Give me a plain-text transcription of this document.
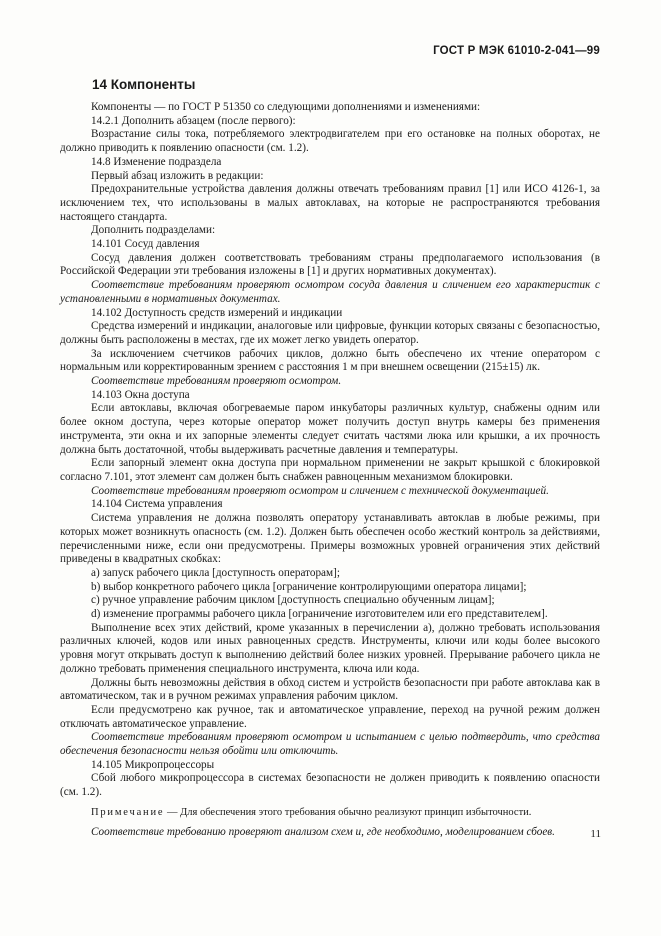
ГОСТ Р МЭК 61010-2-041—99
14 Компоненты

Компоненты — по ГОСТ Р 51350 со следующими дополнениями и изменениями:

14.2.1 Дополнить абзацем (после первого):

Возрастание силы тока, потребляемого электродвигателем при его остановке на полных оборотах, не должно приводить к появлению опасности (см. 1.2).

14.8 Изменение подраздела

Первый абзац изложить в редакции:

Предохранительные устройства давления должны отвечать требованиям правил [1] или ИСО 4126-1, за исключением тех, что использованы в малых автоклавах, на которые не распространяются требования настоящего стандарта.

Дополнить подразделами:

14.101 Сосуд давления

Сосуд давления должен соответствовать требованиям страны предполагаемого использования (в Российской Федерации эти требования изложены в [1] и других нормативных документах).

Соответствие требованиям проверяют осмотром сосуда давления и сличением его характеристик с установленными в нормативных документах.

14.102 Доступность средств измерений и индикации

Средства измерений и индикации, аналоговые или цифровые, функции которых связаны с безопасностью, должны быть расположены в местах, где их может легко увидеть оператор.

За исключением счетчиков рабочих циклов, должно быть обеспечено их чтение оператором с нормальным или корректированным зрением с расстояния 1 м при внешнем освещении (215±15) лк.

Соответствие требованиям проверяют осмотром.

14.103 Окна доступа

Если автоклавы, включая обогреваемые паром инкубаторы различных культур, снабжены одним или более окном доступа, через которые оператор может получить доступ внутрь камеры без применения инструмента, эти окна и их запорные элементы следует считать частями люка или крышки, а их прочность должна быть достаточной, чтобы выдерживать расчетные давления и температуры.

Если запорный элемент окна доступа при нормальном применении не закрыт крышкой с блокировкой согласно 7.101, этот элемент сам должен быть снабжен равноценным механизмом блокировки.

Соответствие требованиям проверяют осмотром и сличением с технической документацией.

14.104 Система управления

Система управления не должна позволять оператору устанавливать автоклав в любые режимы, при которых может возникнуть опасность (см. 1.2). Должен быть обеспечен особо жесткий контроль за действиями, перечисленными ниже, если они предусмотрены. Примеры возможных уровней ограничения этих действий приведены в квадратных скобках:

a) запуск рабочего цикла [доступность операторам];

b) выбор конкретного рабочего цикла [ограничение контролирующими оператора лицами];

c) ручное управление рабочим циклом [доступность специально обученным лицам];

d) изменение программы рабочего цикла [ограничение изготовителем или его представителем].

Выполнение всех этих действий, кроме указанных в перечислении a), должно требовать использования различных ключей, кодов или иных равноценных средств. Инструменты, ключи или коды более высокого уровня могут открывать доступ к выполнению действий более низких уровней. Прерывание рабочего цикла не должно требовать применения специального инструмента, ключа или кода.

Должны быть невозможны действия в обход систем и устройств безопасности при работе автоклава как в автоматическом, так и в ручном режимах управления рабочим циклом.

Если предусмотрено как ручное, так и автоматическое управление, переход на ручной режим должен отключать автоматическое управление.

Соответствие требованиям проверяют осмотром и испытанием с целью подтвердить, что средства обеспечения безопасности нельзя обойти или отключить.

14.105 Микропроцессоры

Сбой любого микропроцессора в системах безопасности не должен приводить к появлению опасности (см. 1.2).

Примечание — Для обеспечения этого требования обычно реализуют принцип избыточности.

Соответствие требованию проверяют анализом схем и, где необходимо, моделированием сбоев.	11
